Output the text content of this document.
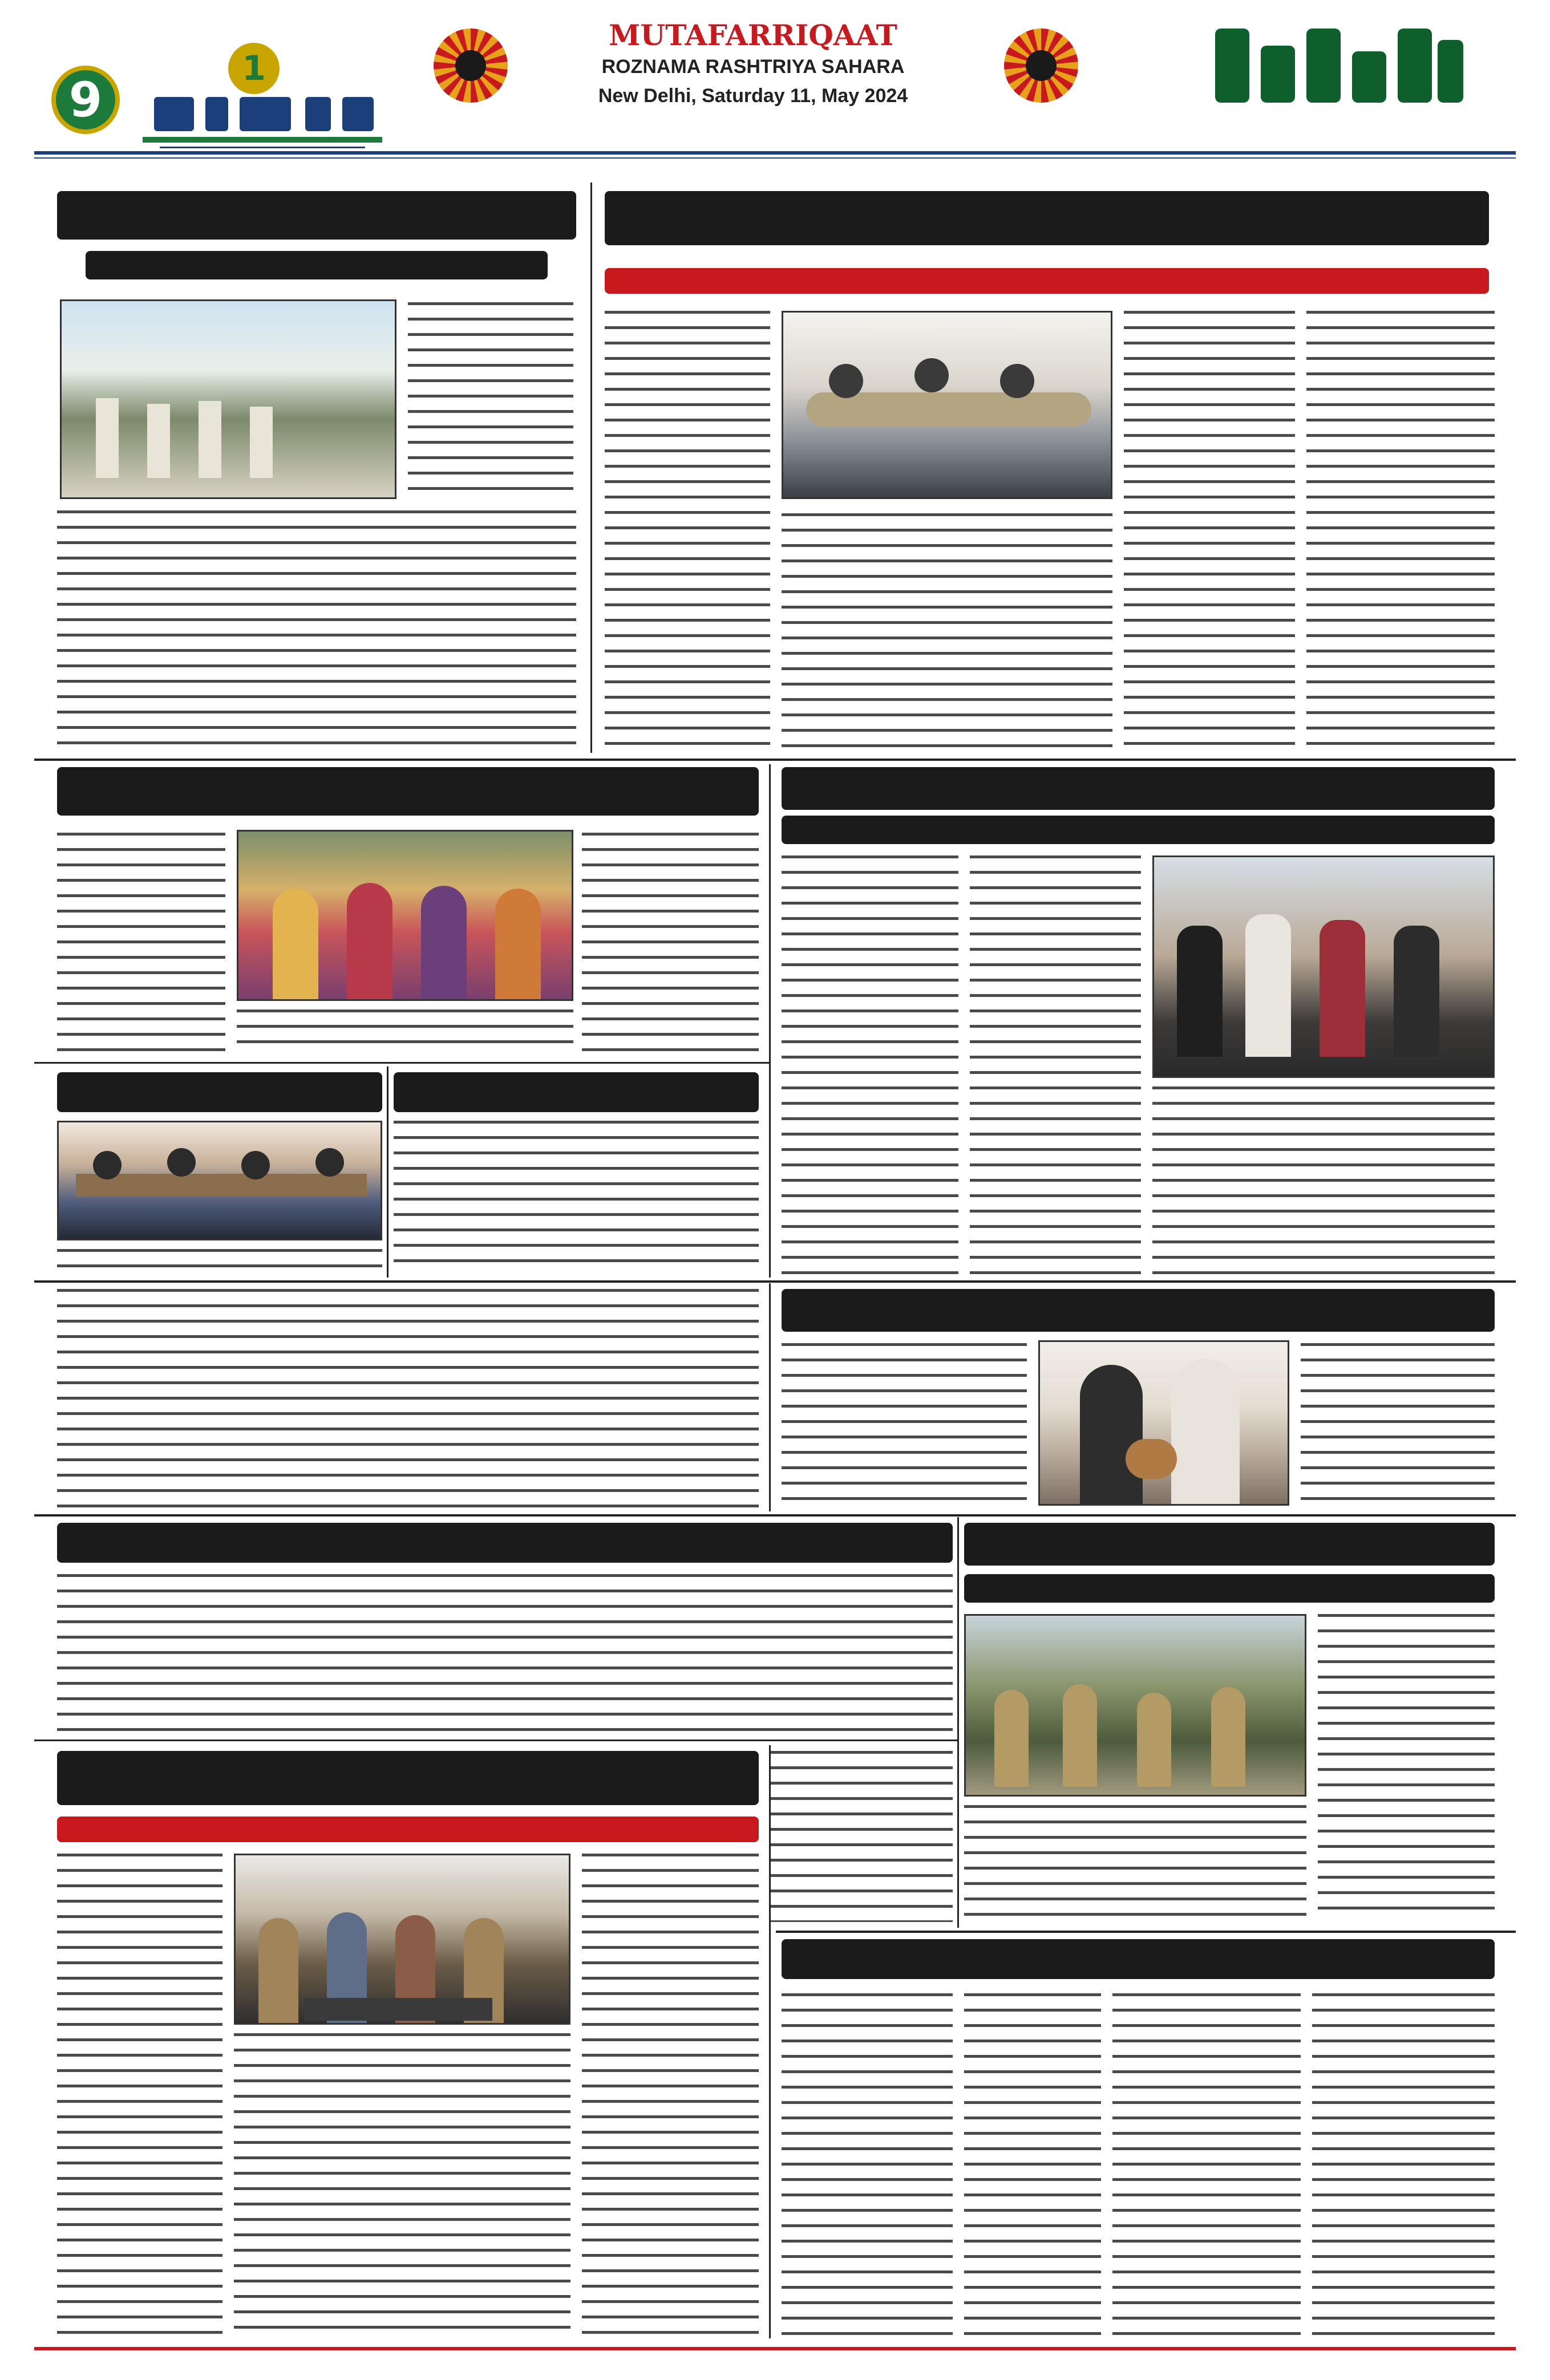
9
1
MUTAFARRIQAAT
ROZNAMA RASHTRIYA SAHARA
New Delhi, Saturday 11, May 2024
